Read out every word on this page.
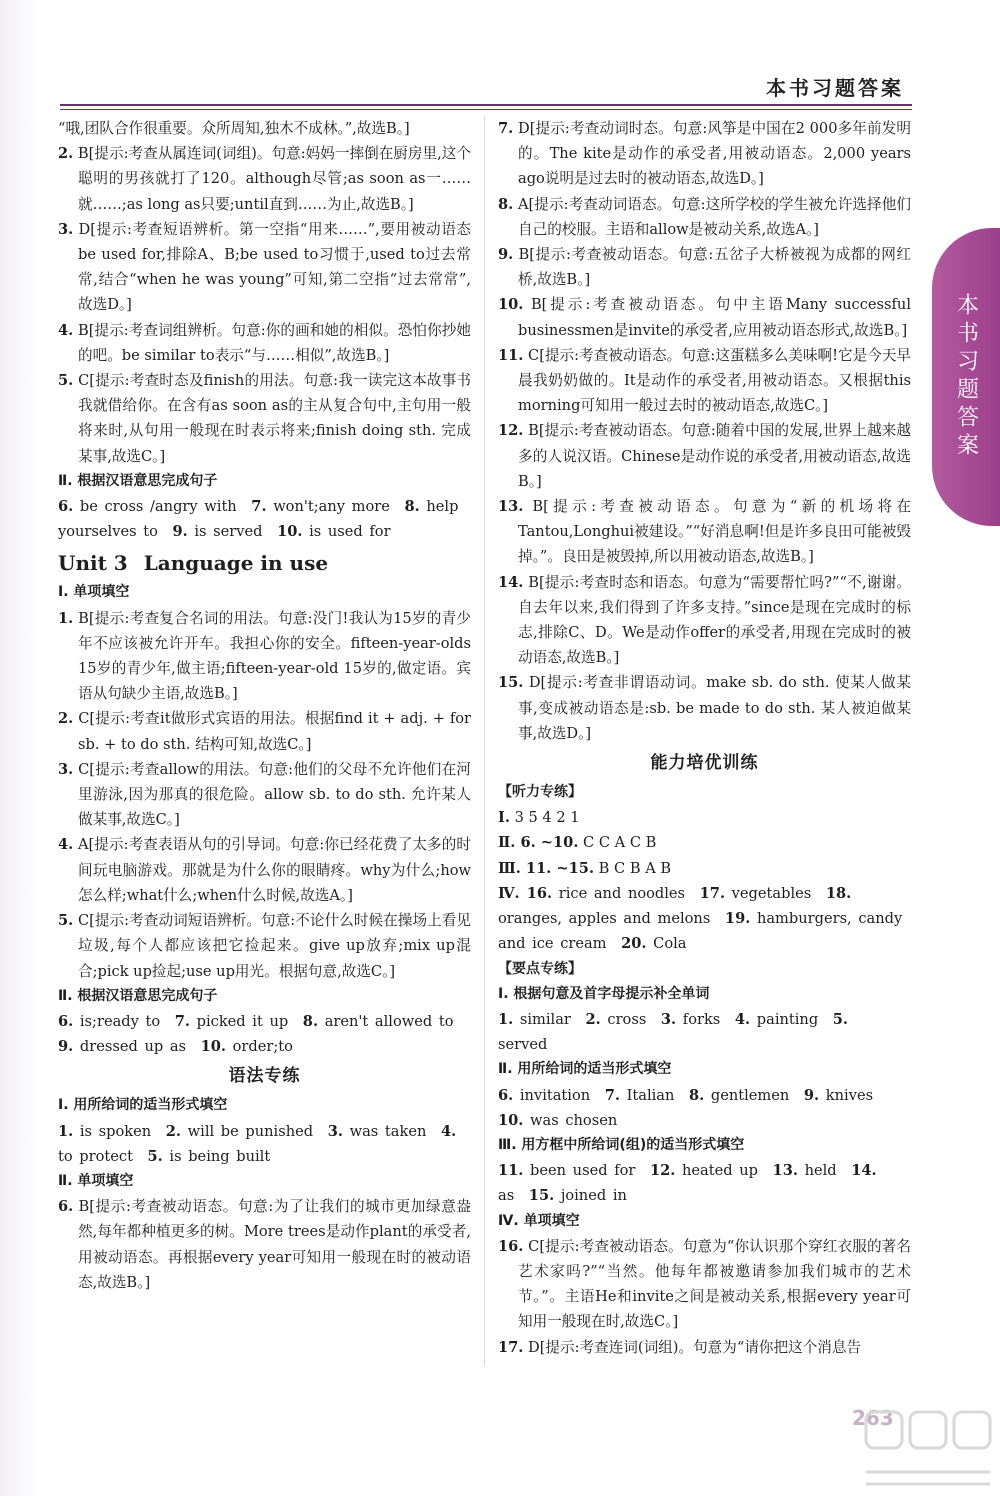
本书习题答案
本书习题答案

“哦,团队合作很重要。众所周知,独木不成林。”,故选B。]

2. B[提示:考查从属连词(词组)。句意:妈妈一摔倒在厨房里,这个聪明的男孩就打了120。although尽管;as soon as一……就……;as long as只要;until直到……为止,故选B。]

3. D[提示:考查短语辨析。第一空指“用来……”,要用被动语态be used for,排除A、B;be used to习惯于,used to过去常常,结合“when he was young”可知,第二空指“过去常常”,故选D。]

4. B[提示:考查词组辨析。句意:你的画和她的相似。恐怕你抄她的吧。be similar to表示“与……相似”,故选B。]

5. C[提示:考查时态及finish的用法。句意:我一读完这本故事书我就借给你。在含有as soon as的主从复合句中,主句用一般将来时,从句用一般现在时表示将来;finish doing sth. 完成某事,故选C。]

Ⅱ. 根据汉语意思完成句子

6. be cross /angry with  7. won't;any more  8. help yourselves to  9. is served  10. is used for 

Unit 3 Language in use

Ⅰ. 单项填空

1. B[提示:考查复合名词的用法。句意:没门!我认为15岁的青少年不应该被允许开车。我担心你的安全。fifteen-year-olds 15岁的青少年,做主语;fifteen-year-old 15岁的,做定语。宾语从句缺少主语,故选B。]

2. C[提示:考查it做形式宾语的用法。根据find it + adj. + for sb. + to do sth. 结构可知,故选C。]

3. C[提示:考查allow的用法。句意:他们的父母不允许他们在河里游泳,因为那真的很危险。allow sb. to do sth. 允许某人做某事,故选C。]

4. A[提示:考查表语从句的引导词。句意:你已经花费了太多的时间玩电脑游戏。那就是为什么你的眼睛疼。why为什么;how怎么样;what什么;when什么时候,故选A。]

5. C[提示:考查动词短语辨析。句意:不论什么时候在操场上看见垃圾,每个人都应该把它捡起来。give up放弃;mix up混合;pick up捡起;use up用光。根据句意,故选C。]

Ⅱ. 根据汉语意思完成句子

6. is;ready to  7. picked it up  8. aren't allowed to 9. dressed up as  10. order;to 

语法专练

Ⅰ. 用所给词的适当形式填空

1. is spoken  2. will be punished  3. was taken  4. to protect  5. is being built 

Ⅱ. 单项填空

6. B[提示:考查被动语态。句意:为了让我们的城市更加绿意盎然,每年都种植更多的树。More trees是动作plant的承受者,用被动语态。再根据every year可知用一般现在时的被动语态,故选B。]

7. D[提示:考查动词时态。句意:风筝是中国在2 000多年前发明的。The kite是动作的承受者,用被动语态。2,000 years ago说明是过去时的被动语态,故选D。]

8. A[提示:考查动词语态。句意:这所学校的学生被允许选择他们自己的校服。主语和allow是被动关系,故选A。]

9. B[提示:考查被动语态。句意:五岔子大桥被视为成都的网红桥,故选B。]

10. B[提示:考查被动语态。句中主语Many successful businessmen是invite的承受者,应用被动语态形式,故选B。]

11. C[提示:考查被动语态。句意:这蛋糕多么美味啊!它是今天早晨我奶奶做的。It是动作的承受者,用被动语态。又根据this morning可知用一般过去时的被动语态,故选C。]

12. B[提示:考查被动语态。句意:随着中国的发展,世界上越来越多的人说汉语。Chinese是动作说的承受者,用被动语态,故选B。]

13. B[提示:考查被动语态。句意为“新的机场将在Tantou,Longhui被建设。”“好消息啊!但是许多良田可能被毁掉。”。良田是被毁掉,所以用被动语态,故选B。]

14. B[提示:考查时态和语态。句意为“需要帮忙吗?”“不,谢谢。自去年以来,我们得到了许多支持。”since是现在完成时的标志,排除C、D。We是动作offer的承受者,用现在完成时的被动语态,故选B。]

15. D[提示:考查非谓语动词。make sb. do sth. 使某人做某事,变成被动语态是:sb. be made to do sth. 某人被迫做某事,故选D。]

能力培优训练

【听力专练】

Ⅰ. 3 5 4 2 1

Ⅱ. 6. ~10. C C A C B

Ⅲ. 11. ~15. B C B A B

Ⅳ. 16. rice and noodles  17. vegetables  18. oranges, apples and melons  19. hamburgers, candy and ice cream  20. Cola 

【要点专练】

Ⅰ. 根据句意及首字母提示补全单词

1. similar  2. cross  3. forks  4. painting  5. served 

Ⅱ. 用所给词的适当形式填空

6. invitation  7. Italian  8. gentlemen  9. knives 10. was chosen 

Ⅲ. 用方框中所给词(组)的适当形式填空

11. been used for  12. heated up  13. held  14. as  15. joined in 

Ⅳ. 单项填空

16. C[提示:考查被动语态。句意为“你认识那个穿红衣服的著名艺术家吗?”“当然。他每年都被邀请参加我们城市的艺术节。”。主语He和invite之间是被动关系,根据every year可知用一般现在时,故选C。]

17. D[提示:考查连词(词组)。句意为“请你把这个消息告

263
